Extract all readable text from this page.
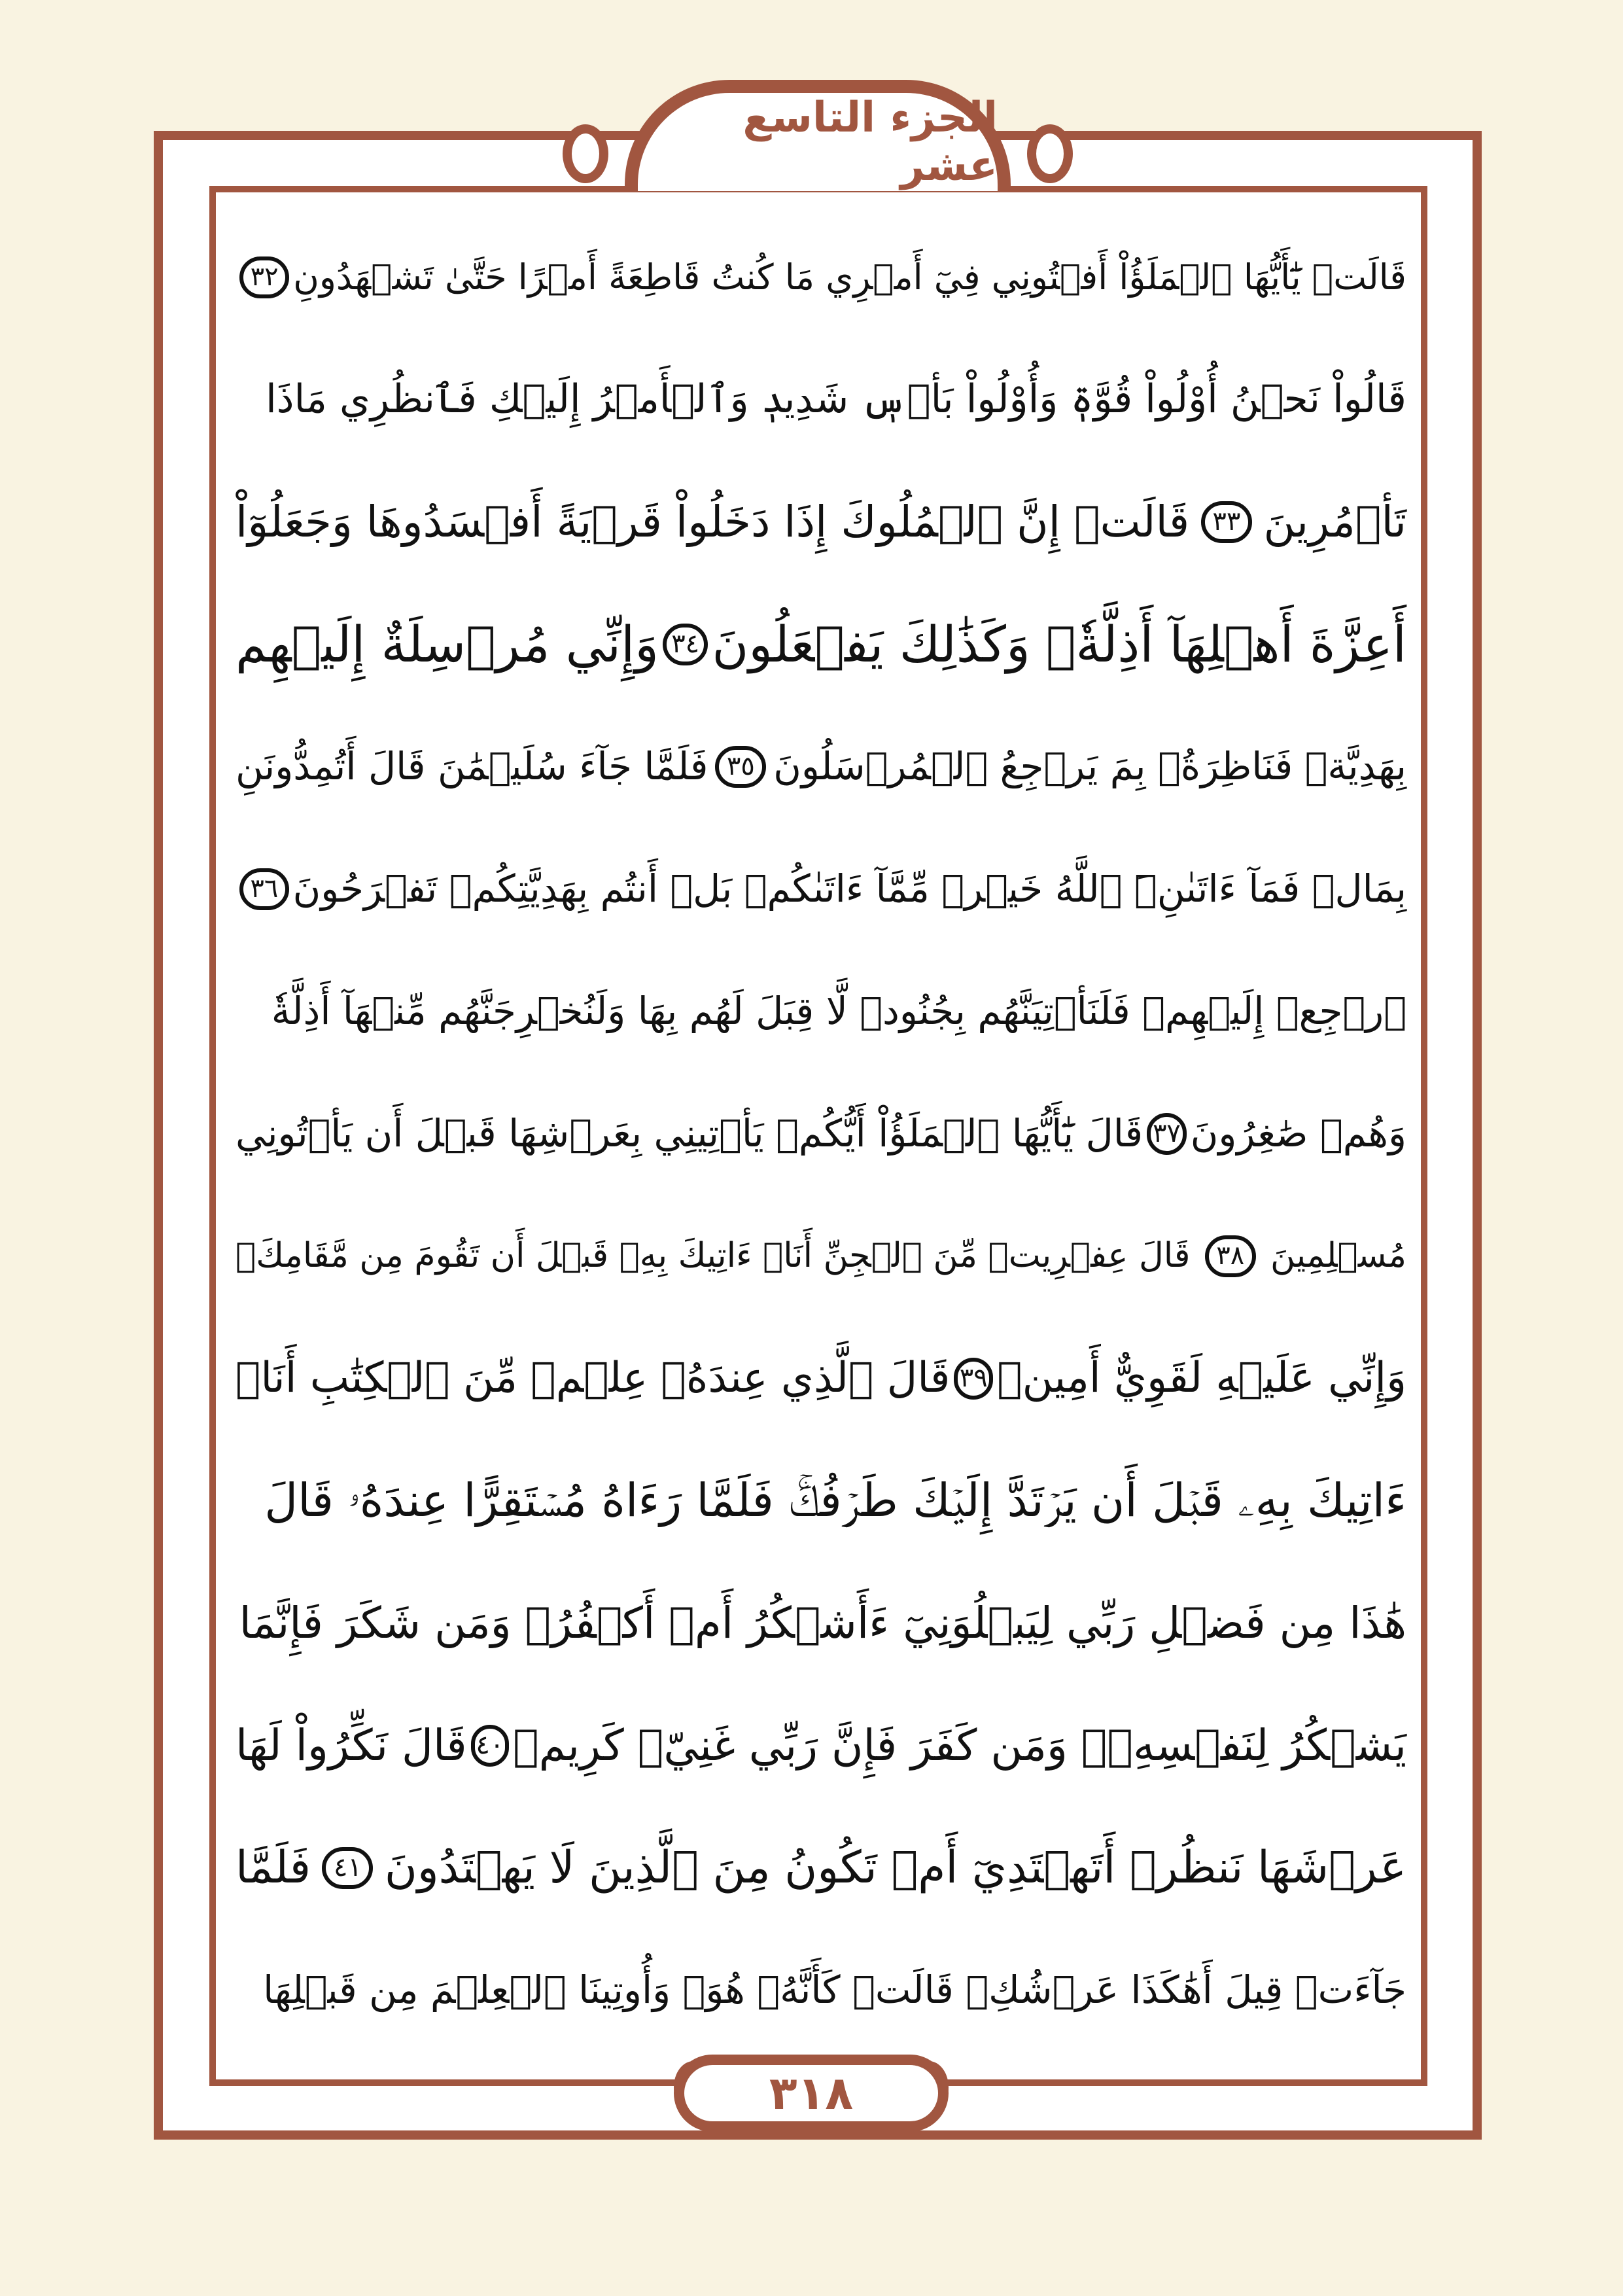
الجزء التاسع عشر
قَالَتۡ يَٰٓأَيُّهَا ٱلۡمَلَؤُاْ أَفۡتُونِي فِيٓ أَمۡرِي مَا كُنتُ قَاطِعَةً أَمۡرًا حَتَّىٰ تَشۡهَدُونِ
٣٢
قَالُواْ نَحۡنُ أُوْلُواْ قُوَّةٖ وَأُوْلُواْ بَأۡسٖ شَدِيدٖ وَٱلۡأَمۡرُ إِلَيۡكِ فَٱنظُرِي مَاذَا
تَأۡمُرِينَ
٣٣
قَالَتۡ إِنَّ ٱلۡمُلُوكَ إِذَا دَخَلُواْ قَرۡيَةً أَفۡسَدُوهَا وَجَعَلُوٓاْ
أَعِزَّةَ أَهۡلِهَآ أَذِلَّةٗۚ وَكَذَٰلِكَ يَفۡعَلُونَ
٣٤
وَإِنِّي مُرۡسِلَةٌ إِلَيۡهِم
بِهَدِيَّةٖ فَنَاظِرَةُۢ بِمَ يَرۡجِعُ ٱلۡمُرۡسَلُونَ
٣٥
فَلَمَّا جَآءَ سُلَيۡمَٰنَ قَالَ أَتُمِدُّونَنِ
بِمَالٖ فَمَآ ءَاتَىٰنِۦَ ٱللَّهُ خَيۡرٞ مِّمَّآ ءَاتَىٰكُمۚ بَلۡ أَنتُم بِهَدِيَّتِكُمۡ تَفۡرَحُونَ
٣٦
ٱرۡجِعۡ إِلَيۡهِمۡ فَلَنَأۡتِيَنَّهُم بِجُنُودٖ لَّا قِبَلَ لَهُم بِهَا وَلَنُخۡرِجَنَّهُم مِّنۡهَآ أَذِلَّةٗ
وَهُمۡ صَٰغِرُونَ
٣٧
قَالَ يَٰٓأَيُّهَا ٱلۡمَلَؤُاْ أَيُّكُمۡ يَأۡتِينِي بِعَرۡشِهَا قَبۡلَ أَن يَأۡتُونِي
مُسۡلِمِينَ
٣٨
قَالَ عِفۡرِيتٞ مِّنَ ٱلۡجِنِّ أَنَا۠ ءَاتِيكَ بِهِۦ قَبۡلَ أَن تَقُومَ مِن مَّقَامِكَۖ
وَإِنِّي عَلَيۡهِ لَقَوِيٌّ أَمِينٞ
٣٩
قَالَ ٱلَّذِي عِندَهُۥ عِلۡمٞ مِّنَ ٱلۡكِتَٰبِ أَنَا۠
ءَاتِيكَ بِهِۦ قَبۡلَ أَن يَرۡتَدَّ إِلَيۡكَ طَرۡفُكَۚ فَلَمَّا رَءَاهُ مُسۡتَقِرًّا عِندَهُۥ قَالَ
هَٰذَا مِن فَضۡلِ رَبِّي لِيَبۡلُوَنِيٓ ءَأَشۡكُرُ أَمۡ أَكۡفُرُۖ وَمَن شَكَرَ فَإِنَّمَا
يَشۡكُرُ لِنَفۡسِهِۦۖ وَمَن كَفَرَ فَإِنَّ رَبِّي غَنِيّٞ كَرِيمٞ
٤٠
قَالَ نَكِّرُواْ لَهَا
عَرۡشَهَا نَنظُرۡ أَتَهۡتَدِيٓ أَمۡ تَكُونُ مِنَ ٱلَّذِينَ لَا يَهۡتَدُونَ
٤١
فَلَمَّا
جَآءَتۡ قِيلَ أَهَٰكَذَا عَرۡشُكِۖ قَالَتۡ كَأَنَّهُۥ هُوَۚ وَأُوتِينَا ٱلۡعِلۡمَ مِن قَبۡلِهَا
٣١٨
